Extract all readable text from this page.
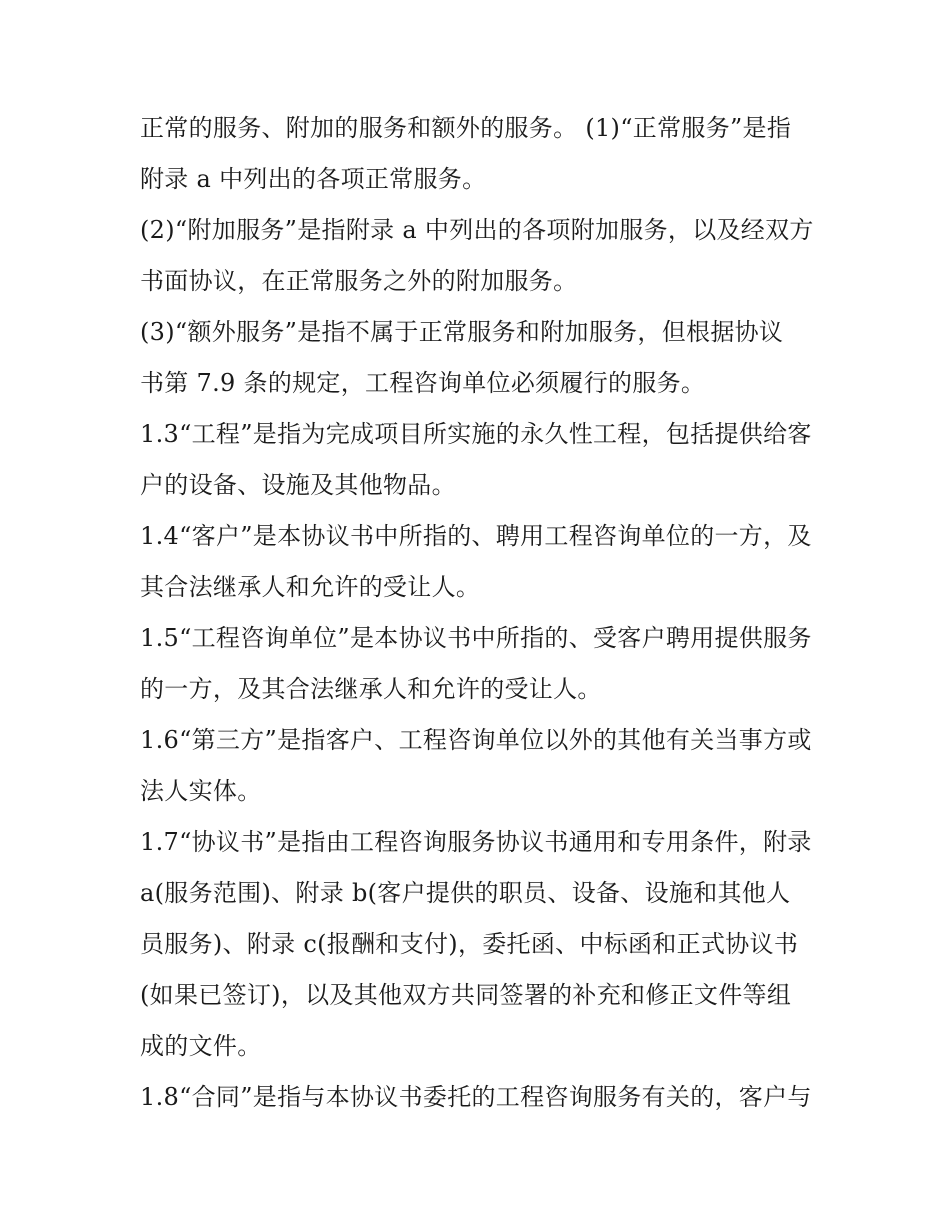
正常的服务、附加的服务和额外的服务。 (1)“正常服务”是指
附录 a 中列出的各项正常服务。
(2)“附加服务”是指附录 a 中列出的各项附加服务，以及经双方
书面协议，在正常服务之外的附加服务。
(3)“额外服务”是指不属于正常服务和附加服务，但根据协议
书第 7.9 条的规定，工程咨询单位必须履行的服务。
1.3“工程”是指为完成项目所实施的永久性工程，包括提供给客
户的设备、设施及其他物品。
1.4“客户”是本协议书中所指的、聘用工程咨询单位的一方，及
其合法继承人和允许的受让人。
1.5“工程咨询单位”是本协议书中所指的、受客户聘用提供服务
的一方，及其合法继承人和允许的受让人。
1.6“第三方”是指客户、工程咨询单位以外的其他有关当事方或
法人实体。
1.7“协议书”是指由工程咨询服务协议书通用和专用条件，附录
a(服务范围)、附录 b(客户提供的职员、设备、设施和其他人
员服务)、附录 c(报酬和支付)，委托函、中标函和正式协议书
(如果已签订)，以及其他双方共同签署的补充和修正文件等组
成的文件。
1.8“合同”是指与本协议书委托的工程咨询服务有关的，客户与
